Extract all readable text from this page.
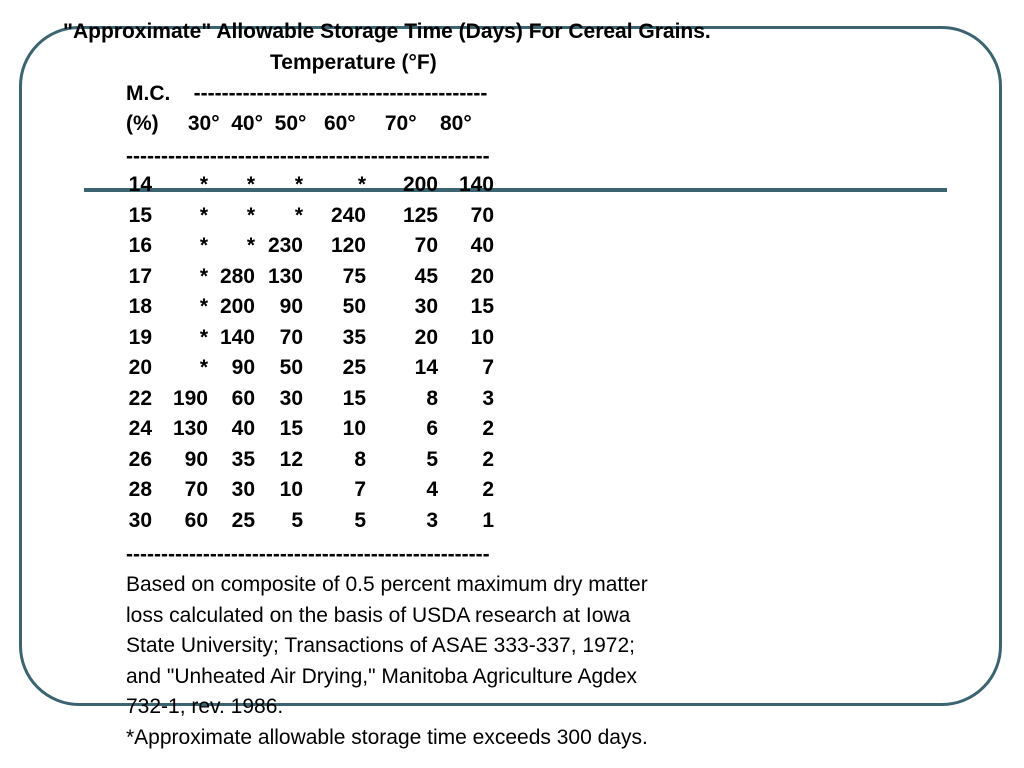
"Approximate" Allowable Storage Time (Days) For Cereal Grains.
Temperature (°F)
M.C.    ------------------------------------------
(%)     30°  40°  50°   60°     70°    80°
----------------------------------------------------
14 * * *	* 200 140
15 * * * 240 125 70
16 * * 230 120 70 40
17 * 280 130 75 45 20
18 * 200 90 50 30 15
19 * 140 70 35 20 10
20 * 90 50 25 14 7
22 190 60 30 15	8 3
24 130 40 15 10	6 2
26 90 35 12 8	5 2
28 70 30 10 7	4 2
30 60 25 5 5	3 1
----------------------------------------------------
Based on composite of 0.5 percent maximum dry matter
loss calculated on the basis of USDA research at Iowa
State University; Transactions of ASAE 333-337, 1972;
and "Unheated Air Drying," Manitoba Agriculture Agdex
732-1, rev. 1986.
*Approximate allowable storage time exceeds 300 days.
